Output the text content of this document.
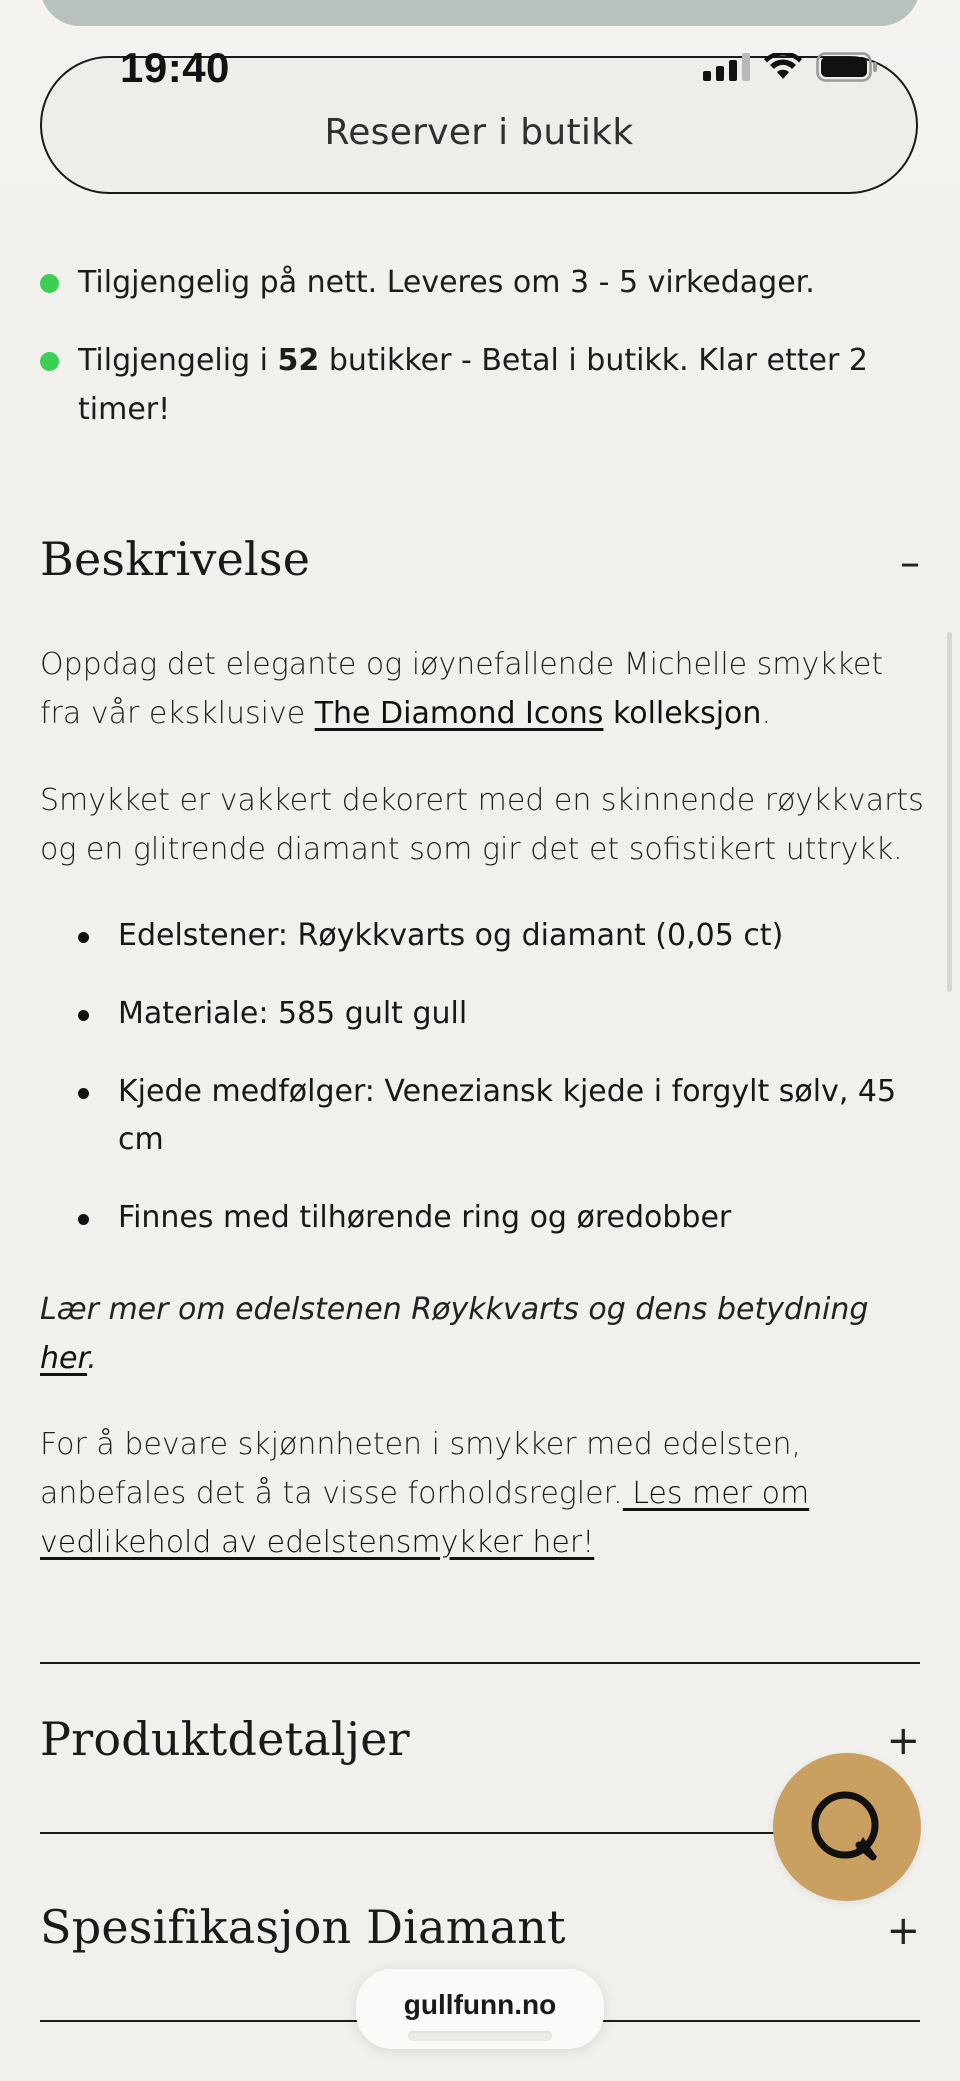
19:40
Reserver i butikk
Tilgjengelig på nett. Leveres om 3 - 5 virkedager.
Tilgjengelig i 52 butikker - Betal i butikk. Klar etter 2 timer!
Beskrivelse	–
Oppdag det elegante og iøynefallende Michelle smykket fra vår eksklusive The Diamond Icons kolleksjon.
Smykket er vakkert dekorert med en skinnende røykkvarts og en glitrende diamant som gir det et sofistikert uttrykk.
Edelstener: Røykkvarts og diamant (0,05 ct)
Materiale: 585 gult gull
Kjede medfølger: Veneziansk kjede i forgylt sølv, 45 cm
Finnes med tilhørende ring og øredobber
Lær mer om edelstenen Røykkvarts og dens betydning her.
For å bevare skjønnheten i smykker med edelsten, anbefales det å ta visse forholdsregler. Les mer om vedlikehold av edelstensmykker her!
Produktdetaljer	+
Spesifikasjon Diamant	+
gullfunn.no
